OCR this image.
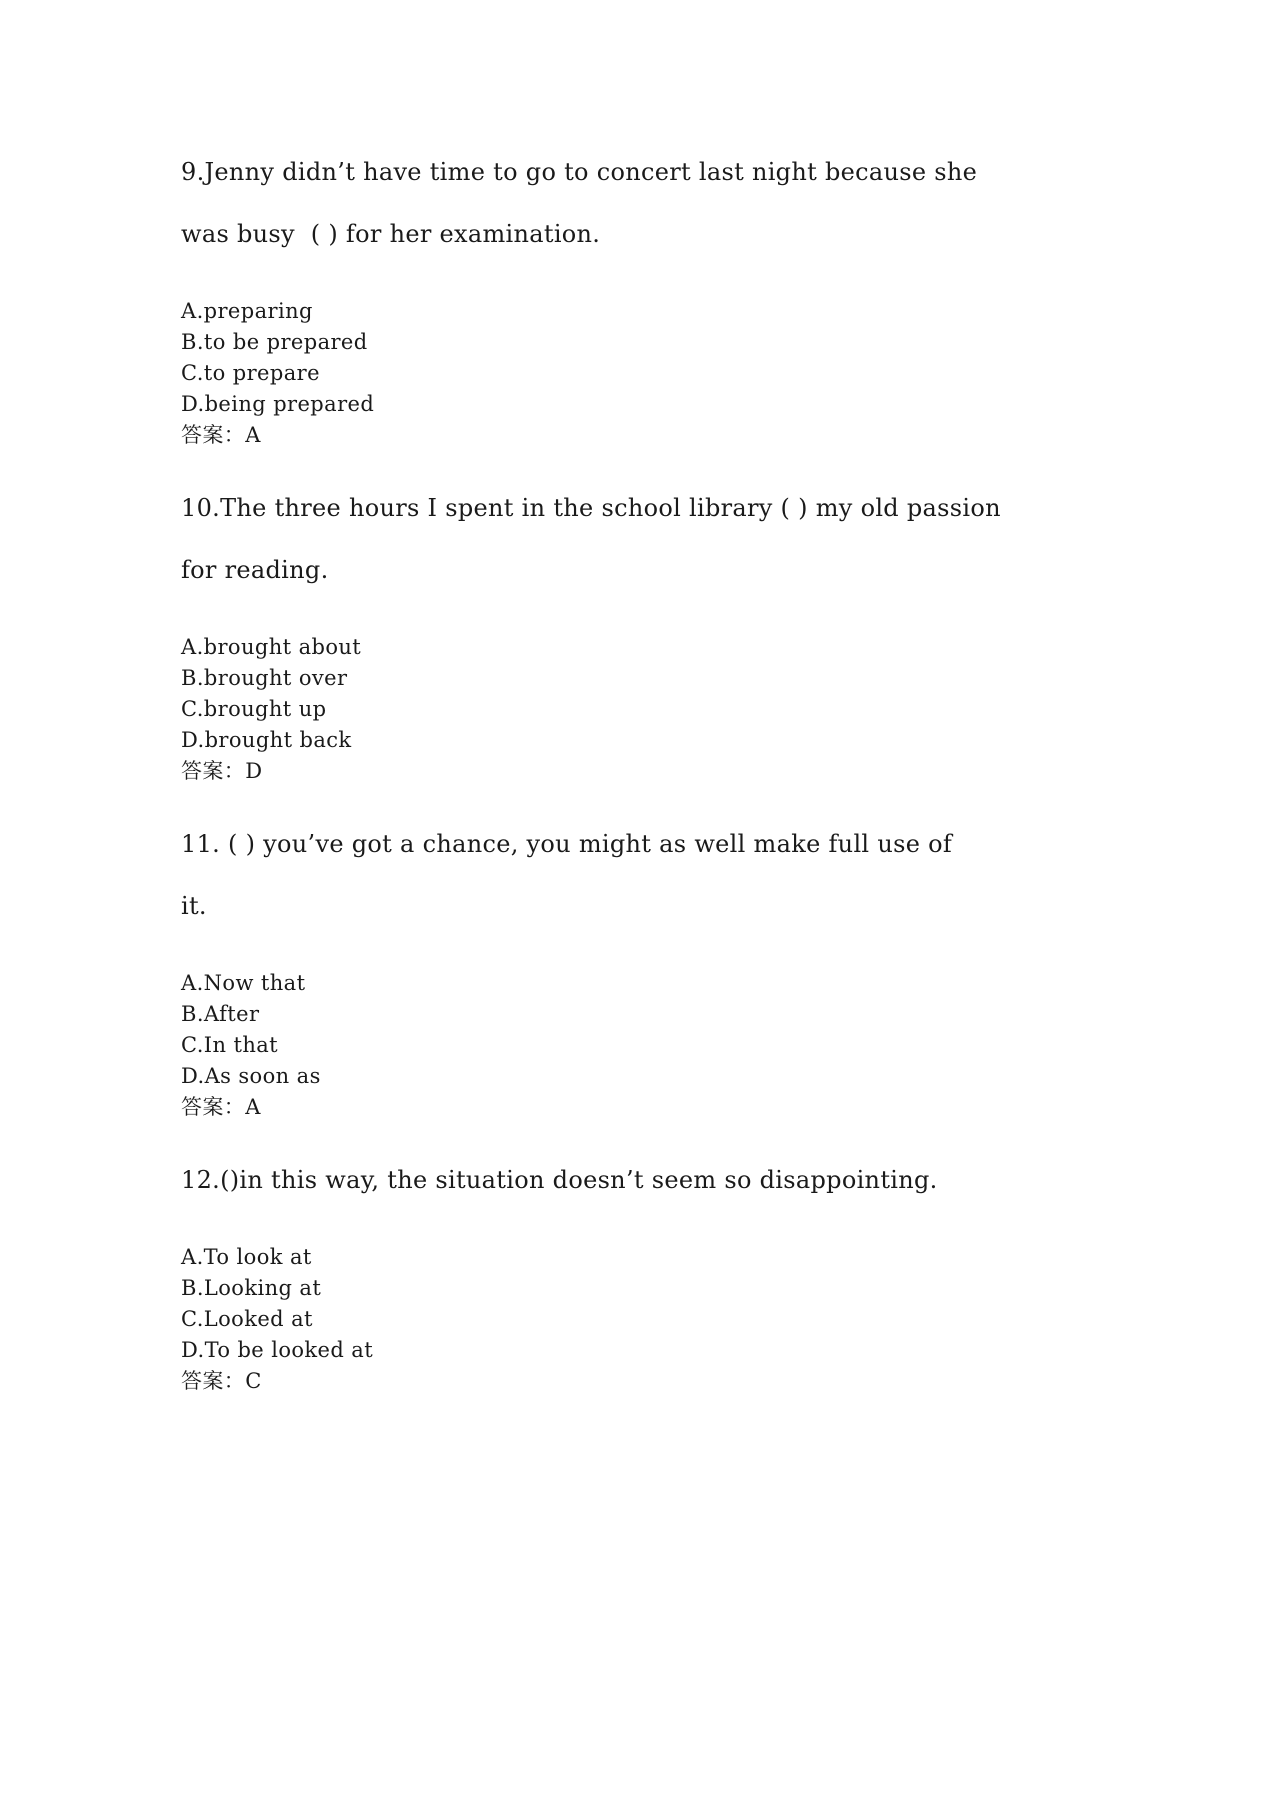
9.Jenny didn’t have time to go to concert last night because she
was busy  ( ) for her examination.
A.preparing
B.to be prepared
C.to prepare
D.being prepared
答案：A
10.The three hours I spent in the school library ( ) my old passion
for reading.
A.brought about
B.brought over
C.brought up
D.brought back
答案：D
11. ( ) you’ve got a chance, you might as well make full use of
it.
A.Now that
B.After
C.In that
D.As soon as
答案：A
12.()in this way, the situation doesn’t seem so disappointing.
A.To look at
B.Looking at
C.Looked at
D.To be looked at
答案：C
